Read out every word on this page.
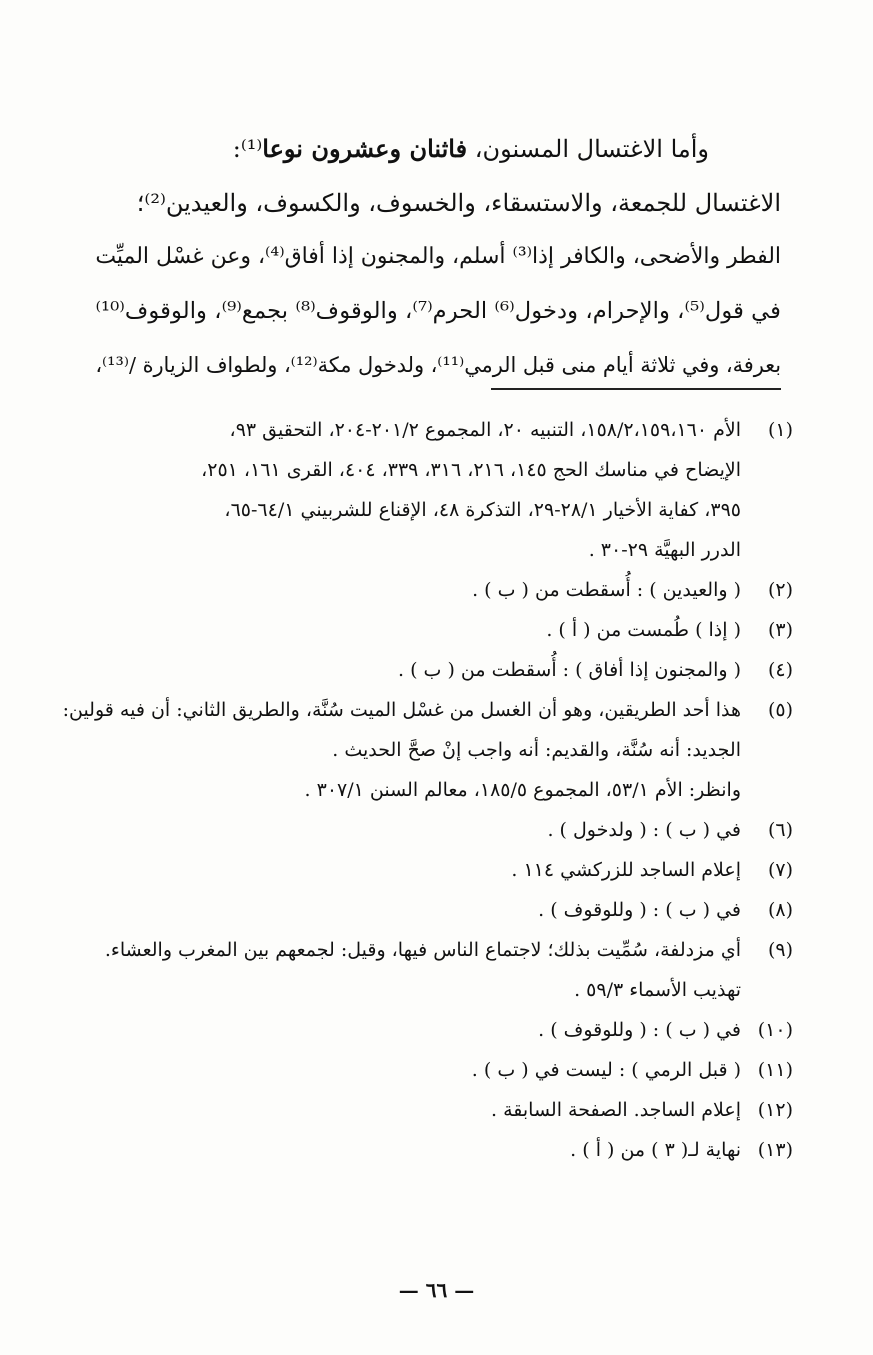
وأما الاغتسال المسنون، فاثنان وعشرون نوعا⁽¹⁾:
الاغتسال للجمعة، والاستسقاء، والخسوف، والكسوف، والعيدين⁽²⁾؛
الفطر والأضحى، والكافر إذا⁽³⁾ أسلم، والمجنون إذا أفاق⁽⁴⁾، وعن غسْل الميِّت
في قول⁽⁵⁾، والإحرام، ودخول⁽⁶⁾ الحرم⁽⁷⁾، والوقوف⁽⁸⁾ بجمع⁽⁹⁾، والوقوف⁽¹⁰⁾
بعرفة، وفي ثلاثة أيام منى قبل الرمي⁽¹¹⁾، ولدخول مكة⁽¹²⁾، ولطواف الزيارة /⁽¹³⁾،
(١)
الأم ١٥٨/٢،١٥٩،١٦٠، التنبيه ٢٠، المجموع ٢٠١/٢-٢٠٤، التحقيق ٩٣،
الإيضاح في مناسك الحج ١٤٥، ٢١٦، ٣١٦، ٣٣٩، ٤٠٤، القرى ١٦١، ٢٥١،
٣٩٥، كفاية الأخيار ٢٨/١-٢٩، التذكرة ٤٨، الإقناع للشربيني ٦٤/١-٦٥،
الدرر البهيَّة ٢٩-٣٠ .
(٢)
( والعيدين ) : أُسقطت من ( ب ) .
(٣)
( إذا ) طُمست من ( أ ) .
(٤)
( والمجنون إذا أفاق ) : أُسقطت من ( ب ) .
(٥)
هذا أحد الطريقين، وهو أن الغسل من غسْل الميت سُنَّة، والطريق الثاني: أن فيه قولين:
الجديد: أنه سُنَّة، والقديم: أنه واجب إنْ صحَّ الحديث .
وانظر: الأم ٥٣/١، المجموع ١٨٥/٥، معالم السنن ٣٠٧/١ .
(٦)
في ( ب ) : ( ولدخول ) .
(٧)
إعلام الساجد للزركشي ١١٤ .
(٨)
في ( ب ) : ( وللوقوف ) .
(٩)
أي مزدلفة، سُمِّيت بذلك؛ لاجتماع الناس فيها، وقيل: لجمعهم بين المغرب والعشاء.
تهذيب الأسماء ٥٩/٣ .
(١٠)
في ( ب ) : ( وللوقوف ) .
(١١)
( قبل الرمي ) : ليست في ( ب ) .
(١٢)
إعلام الساجد. الصفحة السابقة .
(١٣)
نهاية لـ( ٣ ) من ( أ ) .
— ٦٦ —
